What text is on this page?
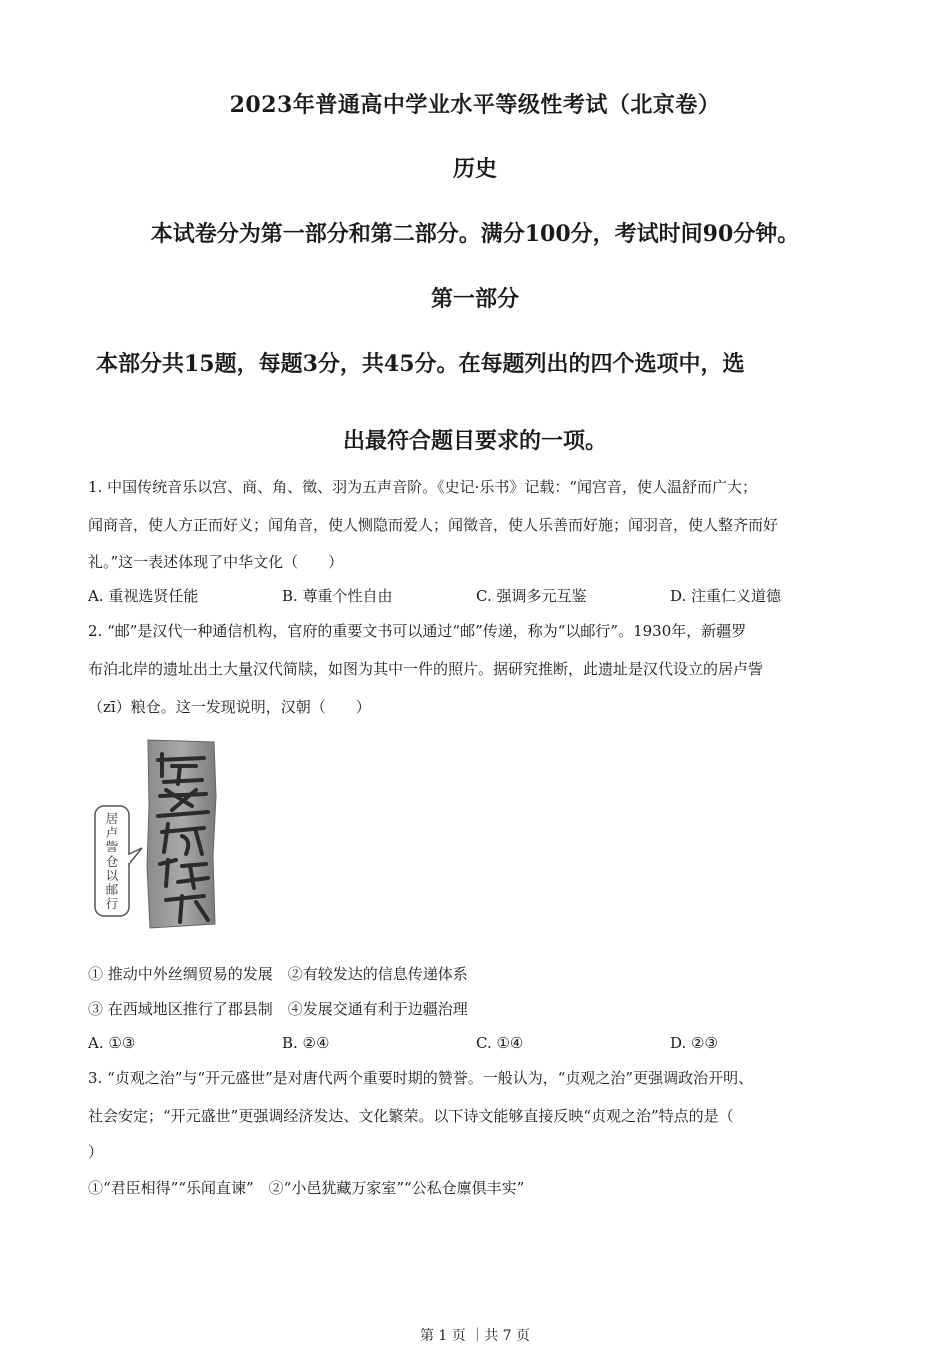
2023年普通高中学业水平等级性考试（北京卷）
历史
本试卷分为第一部分和第二部分。满分100分，考试时间90分钟。
第一部分
本部分共15题，每题3分，共45分。在每题列出的四个选项中，选
出最符合题目要求的一项。
1. 中国传统音乐以宫、商、角、徵、羽为五声音阶。《史记·乐书》记载：“闻宫音，使人温舒而广大；
闻商音，使人方正而好义；闻角音，使人恻隐而爱人；闻徵音，使人乐善而好施；闻羽音，使人整齐而好
礼。”这一表述体现了中华文化（　　）
A. 重视选贤任能	B. 尊重个性自由	C. 强调多元互鉴	D. 注重仁义道德
2. “邮”是汉代一种通信机构，官府的重要文书可以通过“邮”传递，称为“以邮行”。1930年，新疆罗
布泊北岸的遗址出土大量汉代简牍，如图为其中一件的照片。据研究推断，此遗址是汉代设立的居卢訾
（zī）粮仓。这一发现说明，汉朝（　　）
居卢訾仓以邮行
① 推动中外丝绸贸易的发展　②有较发达的信息传递体系
③ 在西域地区推行了郡县制　④发展交通有利于边疆治理
A. ①③	B. ②④	C. ①④	D. ②③
3. “贞观之治”与“开元盛世”是对唐代两个重要时期的赞誉。一般认为，“贞观之治”更强调政治开明、
社会安定；“开元盛世”更强调经济发达、文化繁荣。以下诗文能够直接反映“贞观之治”特点的是（
）
①“君臣相得”“乐闻直谏”　②“小邑犹藏万家室”“公私仓廪俱丰实”
第 1 页 ｜共 7 页
